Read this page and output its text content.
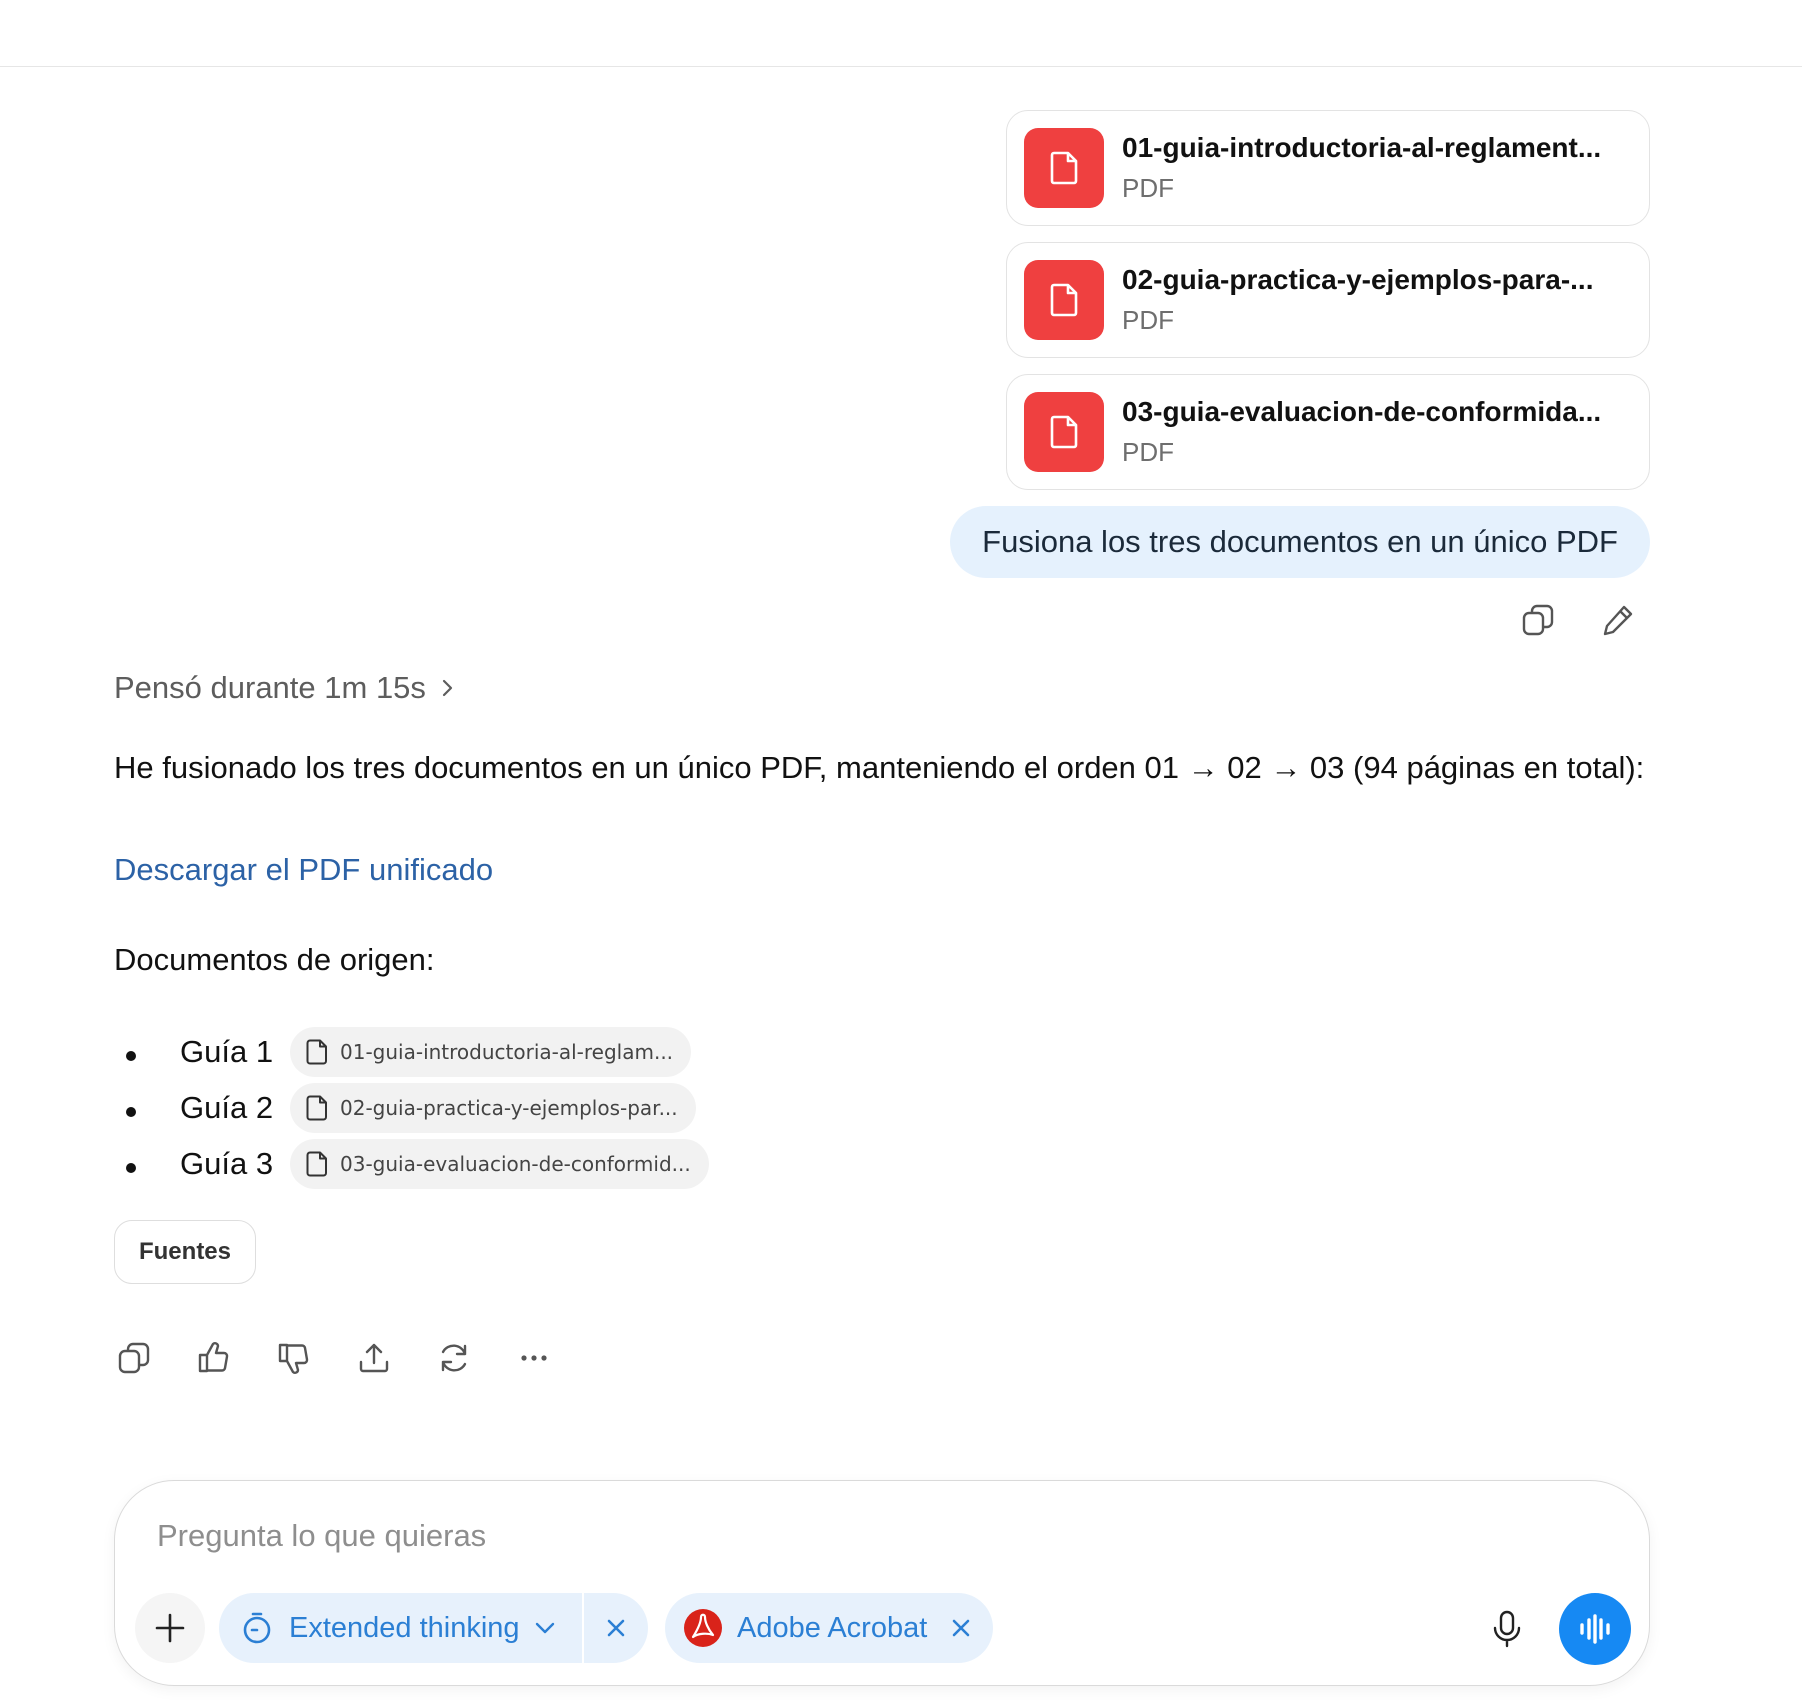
01-guia-introductoria-al-reglament...
PDF
02-guia-practica-y-ejemplos-para-...
PDF
03-guia-evaluacion-de-conformida...
PDF
Fusiona los tres documentos en un único PDF
Pensó durante 1m 15s
He fusionado los tres documentos en un único PDF, manteniendo el orden 01 → 02 → 03 (94 páginas en total):
Descargar el PDF unificado
Documentos de origen:
Guía 1	01-guia-introductoria-al-reglam...
Guía 2	02-guia-practica-y-ejemplos-par...
Guía 3	03-guia-evaluacion-de-conformid...
Fuentes
Pregunta lo que quieras
Extended thinking	Adobe Acrobat
